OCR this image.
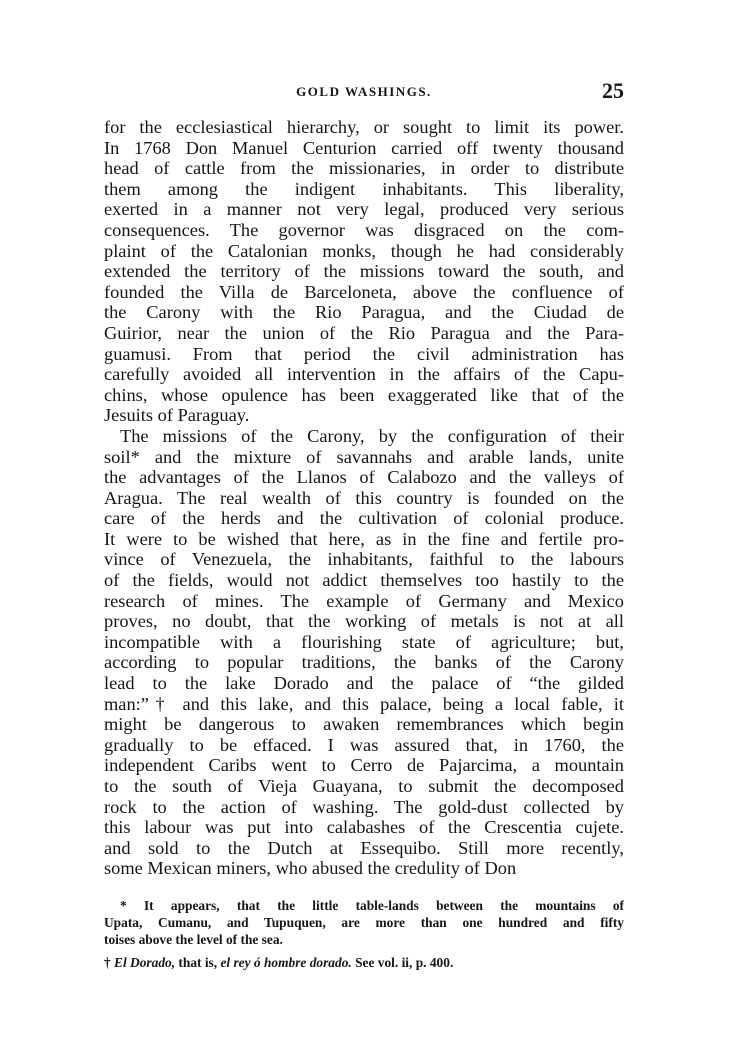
GOLD WASHINGS.	25
for the ecclesiastical hierarchy, or sought to limit its power.
In 1768 Don Manuel Centurion carried off twenty thousand
head of cattle from the missionaries, in order to distribute
them among the indigent inhabitants. This liberality,
exerted in a manner not very legal, produced very serious
consequences. The governor was disgraced on the com-
plaint of the Catalonian monks, though he had considerably
extended the territory of the missions toward the south, and
founded the Villa de Barceloneta, above the confluence of
the Carony with the Rio Paragua, and the Ciudad de
Guirior, near the union of the Rio Paragua and the Para-
guamusi. From that period the civil administration has
carefully avoided all intervention in the affairs of the Capu-
chins, whose opulence has been exaggerated like that of the
Jesuits of Paraguay.
The missions of the Carony, by the configuration of their
soil* and the mixture of savannahs and arable lands, unite
the advantages of the Llanos of Calabozo and the valleys of
Aragua. The real wealth of this country is founded on the
care of the herds and the cultivation of colonial produce.
It were to be wished that here, as in the fine and fertile pro-
vince of Venezuela, the inhabitants, faithful to the labours
of the fields, would not addict themselves too hastily to the
research of mines. The example of Germany and Mexico
proves, no doubt, that the working of metals is not at all
incompatible with a flourishing state of agriculture; but,
according to popular traditions, the banks of the Carony
lead to the lake Dorado and the palace of “the gilded
man:”† and this lake, and this palace, being a local fable, it
might be dangerous to awaken remembrances which begin
gradually to be effaced. I was assured that, in 1760, the
independent Caribs went to Cerro de Pajarcima, a mountain
to the south of Vieja Guayana, to submit the decomposed
rock to the action of washing. The gold-dust collected by
this labour was put into calabashes of the Crescentia cujete.
and sold to the Dutch at Essequibo. Still more recently,
some Mexican miners, who abused the credulity of Don
* It appears, that the little table-lands between the mountains of
Upata, Cumanu, and Tupuquen, are more than one hundred and fifty
toises above the level of the sea.
† El Dorado, that is, el rey ó hombre dorado. See vol. ii, p. 400.
